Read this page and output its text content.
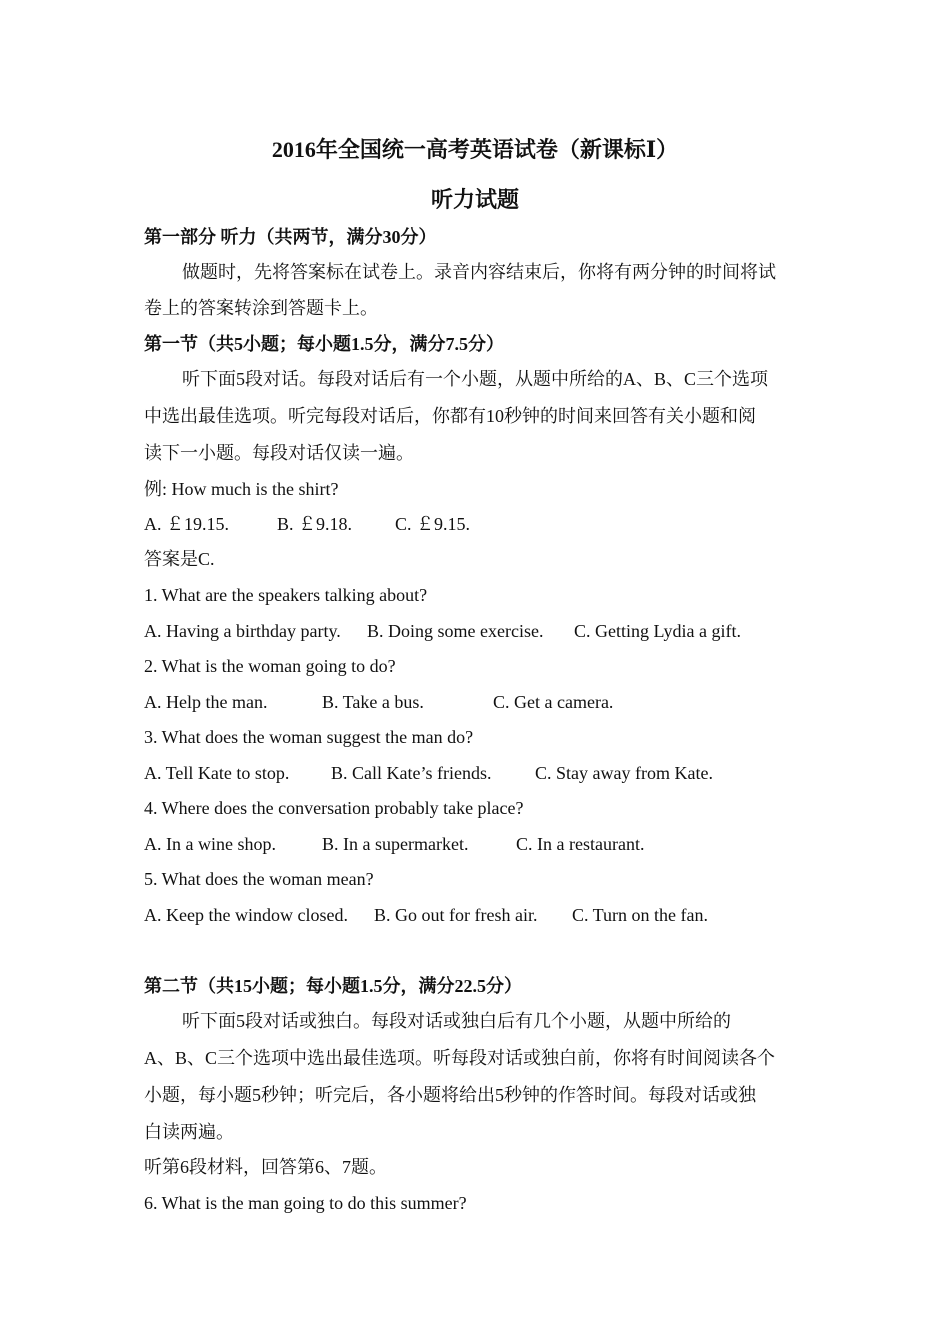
2016年全国统一高考英语试卷（新课标Ⅰ）
听力试题
第一部分 听力（共两节，满分30分）
做题时，先将答案标在试卷上。录音内容结束后，你将有两分钟的时间将试
卷上的答案转涂到答题卡上。
第一节（共5小题；每小题1.5分，满分7.5分）
听下面5段对话。每段对话后有一个小题，从题中所给的A、B、C三个选项
中选出最佳选项。听完每段对话后，你都有10秒钟的时间来回答有关小题和阅
读下一小题。每段对话仅读一遍。
例: How much is the shirt?
A. ￡19.15.	B. ￡9.18. C. ￡9.15.
答案是C.
1. What are the speakers talking about?
A. Having a birthday party. B. Doing some exercise. C. Getting Lydia a gift.
2. What is the woman going to do?
A. Help the man.	B. Take a bus.	C. Get a camera.
3. What does the woman suggest the man do?
A. Tell Kate to stop. B. Call Kate’s friends. C. Stay away from Kate.
4. Where does the conversation probably take place?
A. In a wine shop.	B. In a supermarket.	C. In a restaurant.
5. What does the woman mean?
A. Keep the window closed. B. Go out for fresh air. C. Turn on the fan.
第二节（共15小题；每小题1.5分，满分22.5分）
听下面5段对话或独白。每段对话或独白后有几个小题，从题中所给的
A、B、C三个选项中选出最佳选项。听每段对话或独白前，你将有时间阅读各个
小题，每小题5秒钟；听完后，各小题将给出5秒钟的作答时间。每段对话或独
白读两遍。
听第6段材料，回答第6、7题。
6. What is the man going to do this summer?
